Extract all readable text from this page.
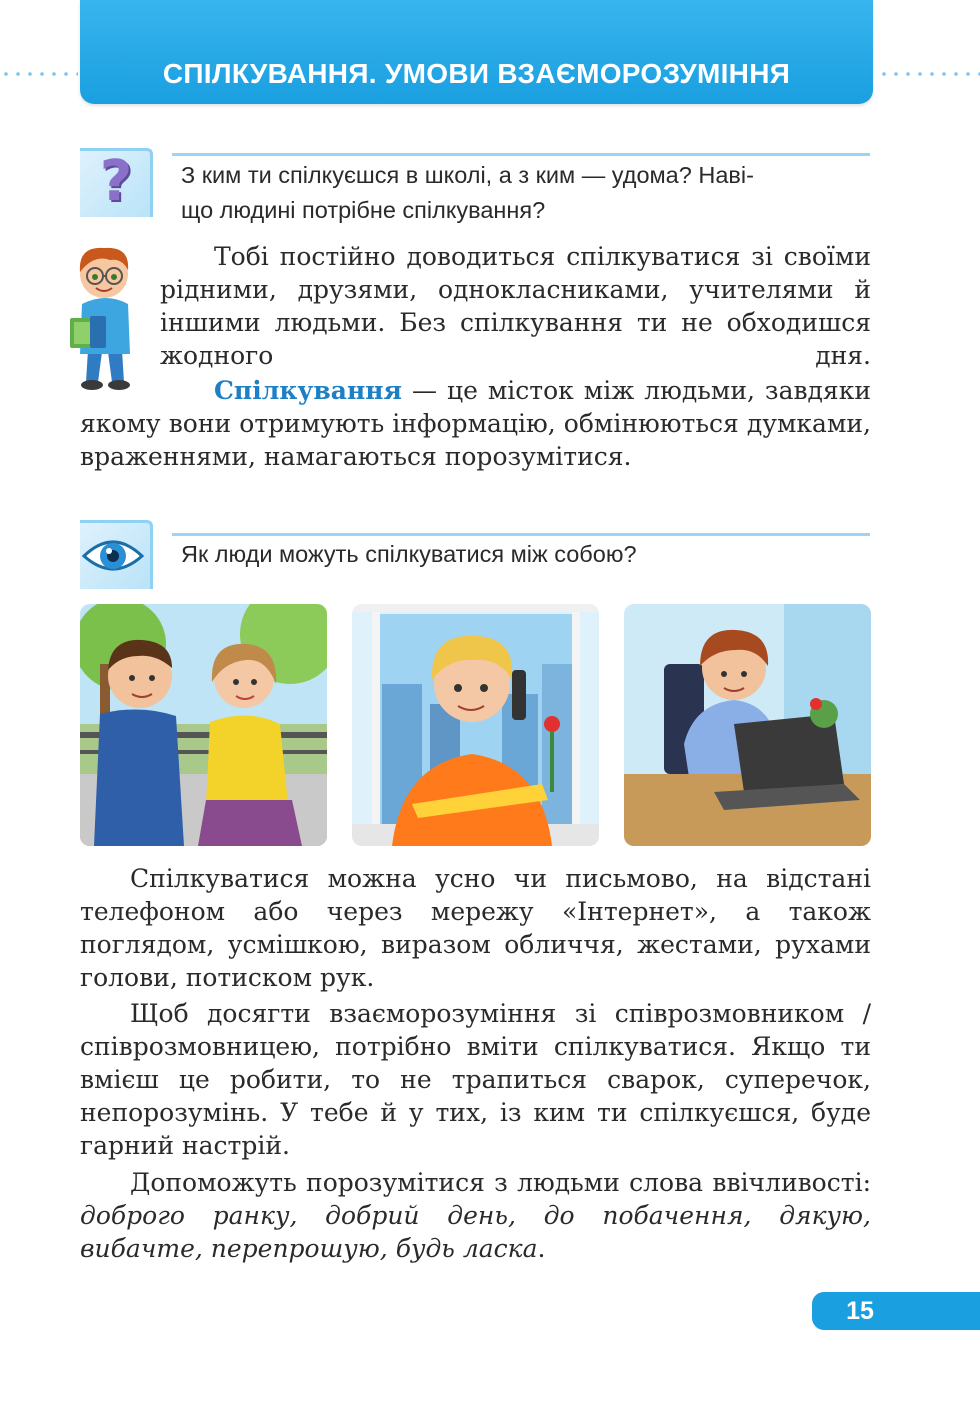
СПІЛКУВАННЯ. УМОВИ ВЗАЄМОРОЗУМІННЯ
? З ким ти спілкуєшся в школі, а з ким — удома? Наві-
що людині потрібне спілкування?

Тобі постійно доводиться спілкуватися зі своїми рідними, друзями, однокласниками, учителями й іншими людьми. Без спілкування ти не обходишся жодного дня.

Спілкування — це місток між людьми, завдяки якому вони отримують інформацію, обмінюються думками, враженнями, намагаються порозумітися.

Як люди можуть спілкуватися між собою?

Спілкуватися можна усно чи письмово, на відстані телефоном або через мережу «Інтернет», а також поглядом, усмішкою, виразом обличчя, жестами, рухами голови, потиском рук.

Щоб досягти взаєморозуміння зі співрозмовником / співрозмовницею, потрібно вміти спілкуватися. Якщо ти вмієш це робити, то не трапиться сварок, суперечок, непорозумінь. У тебе й у тих, із ким ти спілкуєшся, буде гарний настрій.

Допоможуть порозумітися з людьми слова ввічливості: доброго ранку, добрий день, до побачення, дякую, вибачте, перепрошую, будь ласка.

15
